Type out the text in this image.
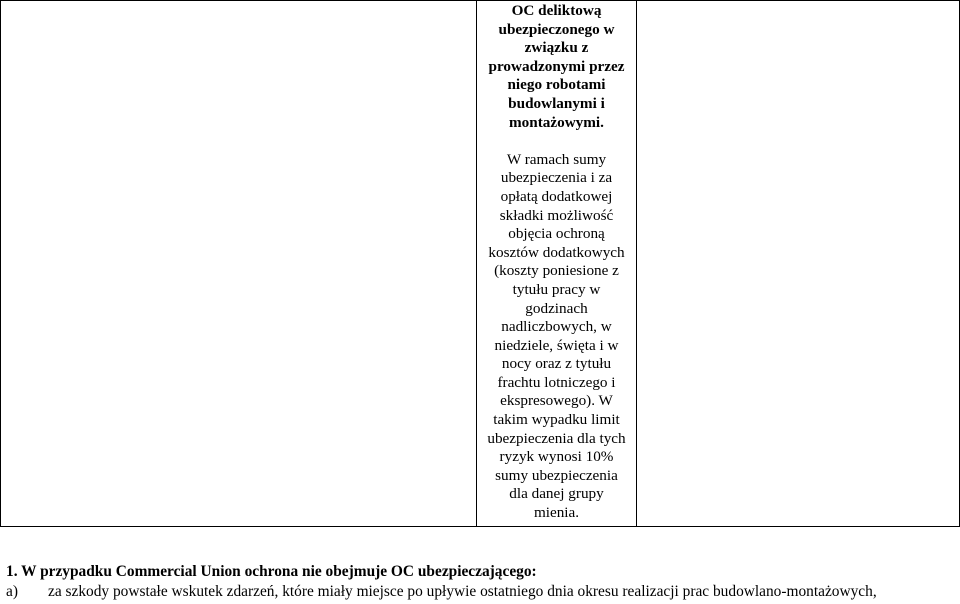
OC deliktową
ubezpieczonego w
związku z
prowadzonymi przez
niego robotami
budowlanymi i
montażowymi.
W ramach sumy
ubezpieczenia i za
opłatą dodatkowej
składki możliwość
objęcia ochroną
kosztów dodatkowych
(koszty poniesione z
tytułu pracy w
godzinach
nadliczbowych, w
niedziele, święta i w
nocy oraz z tytułu
frachtu lotniczego i
ekspresowego). W
takim wypadku limit
ubezpieczenia dla tych
ryzyk wynosi 10%
sumy ubezpieczenia
dla danej grupy
mienia.
1. W przypadku Commercial Union ochrona nie obejmuje OC ubezpieczającego:
a) za szkody powstałe wskutek zdarzeń, które miały miejsce po upływie ostatniego dnia okresu realizacji prac budowlano-montażowych,
